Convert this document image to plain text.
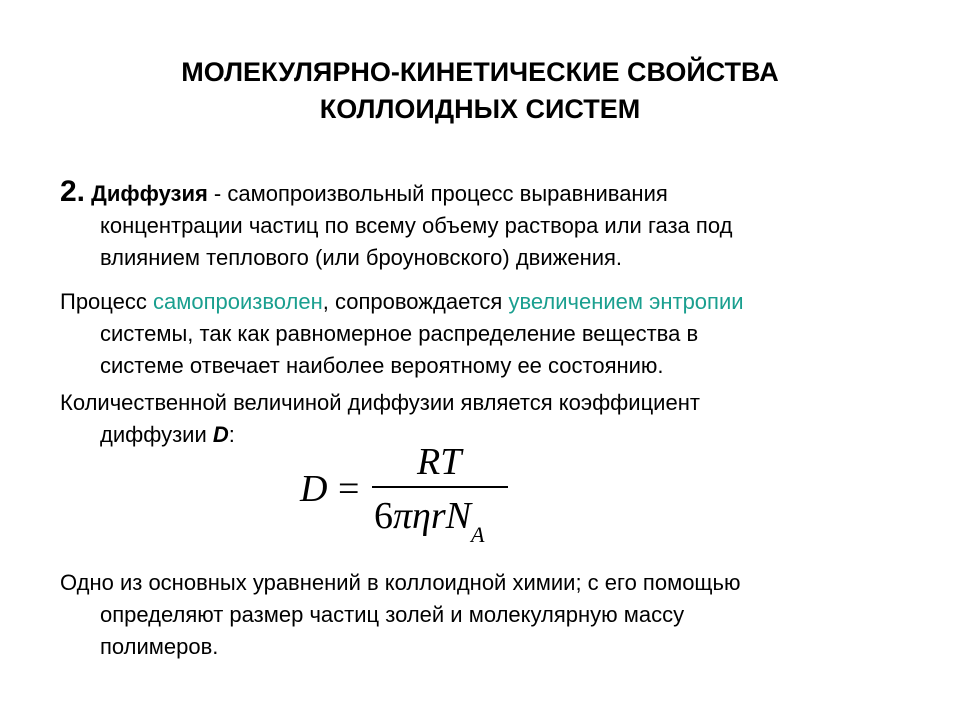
МОЛЕКУЛЯРНО-КИНЕТИЧЕСКИЕ СВОЙСТВА
КОЛЛОИДНЫХ СИСТЕМ
2. Диффузия - самопроизвольный процесс выравнивания
концентрации частиц по всему объему раствора или газа под
влиянием теплового (или броуновского) движения.
Процесс самопроизволен, сопровождается увеличением энтропии
системы, так как равномерное распределение вещества в
системе отвечает наиболее вероятному ее состоянию.
Количественной величиной диффузии является коэффициент
диффузии D:
D =
RT
6πηrN$_A$
Одно из основных уравнений в коллоидной химии; с его помощью
определяют размер частиц золей и молекулярную массу
полимеров.
